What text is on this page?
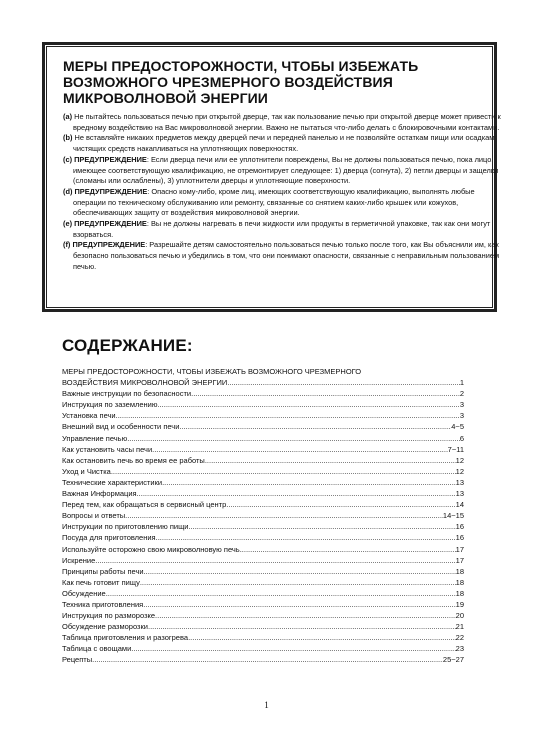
МЕРЫ ПРЕДОСТОРОЖНОСТИ, ЧТОБЫ ИЗБЕЖАТЬ
ВОЗМОЖНОГО ЧРЕЗМЕРНОГО ВОЗДЕЙСТВИЯ
МИКРОВОЛНОВОЙ ЭНЕРГИИ
(a) Не пытайтесь пользоваться печью при открытой дверце, так как пользование печью при открытой дверце может привести к вредному воздействию на Вас микроволновой энергии. Важно не пытаться что-либо делать с блокировочными контактами.
(b) Не вставляйте никаких предметов между дверцей печи и передней панелью и не позволяйте остаткам пищи или осадкам чистящих средств накапливаться на уплотняющих поверхностях.
(c) ПРЕДУПРЕЖДЕНИЕ: Если дверца печи или ее уплотнители повреждены, Вы не должны пользоваться печью, пока лицо, имеющее соответствующую квалификацию, не отремонтирует следующее: 1) дверца (согнута), 2) петли дверцы и защелки (сломаны или ослаблены), 3) уплотнители дверцы и уплотняющие поверхности.
(d) ПРЕДУПРЕЖДЕНИЕ: Опасно кому-либо, кроме лиц, имеющих соответствующую квалификацию, выполнять любые операции по техническому обслуживанию или ремонту, связанные со снятием каких-либо крышек или кожухов, обеспечивающих защиту от воздействия микроволновой энергии.
(e) ПРЕДУПРЕЖДЕНИЕ: Вы не должны нагревать в печи жидкости или продукты в герметичной упаковке, так как они могут взорваться.
(f) ПРЕДУПРЕЖДЕНИЕ: Разрешайте детям самостоятельно пользоваться печью только после того, как Вы объяснили им, как безопасно пользоваться печью и убедились в том, что они понимают опасности, связанные с неправильным пользованием печью.
СОДЕРЖАНИЕ:
МЕРЫ ПРЕДОСТОРОЖНОСТИ, ЧТОБЫ ИЗБЕЖАТЬ ВОЗМОЖНОГО ЧРЕЗМЕРНОГО
ВОЗДЕЙСТВИЯ МИКРОВОЛНОВОЙ ЭНЕРГИИ .....	1
Важные инструкции по безопасности .....	2
Инструкция по заземлению .....	3
Установка печи .....	3
Внешний вид и особенности печи .....	4~5
Управление печью .....	6
Как установить часы печи .....	7~11
Как остановить печь во время ее работы .....	12
Уход и Чистка .....	12
Технические характеристики .....	13
Важная Информация .....	13
Перед тем, как обращаться в сервисный центр .....	14
Вопросы и ответы .....	14~15
Инструкции по приготовлению пищи .....	16
Посуда для приготовления .....	16
Используйте осторожно свою микроволновую печь .....	17
Искрение .....	17
Принципы работы печи .....	18
Как печь готовит пищу .....	18
Обсуждение .....	18
Техника приготовления .....	19
Инструкция по разморозке .....	20
Обсуждение разморозки .....	21
Таблица приготовления и разогрева .....	22
Таблица с овощами .....	23
Рецепты .....	25~27
1
